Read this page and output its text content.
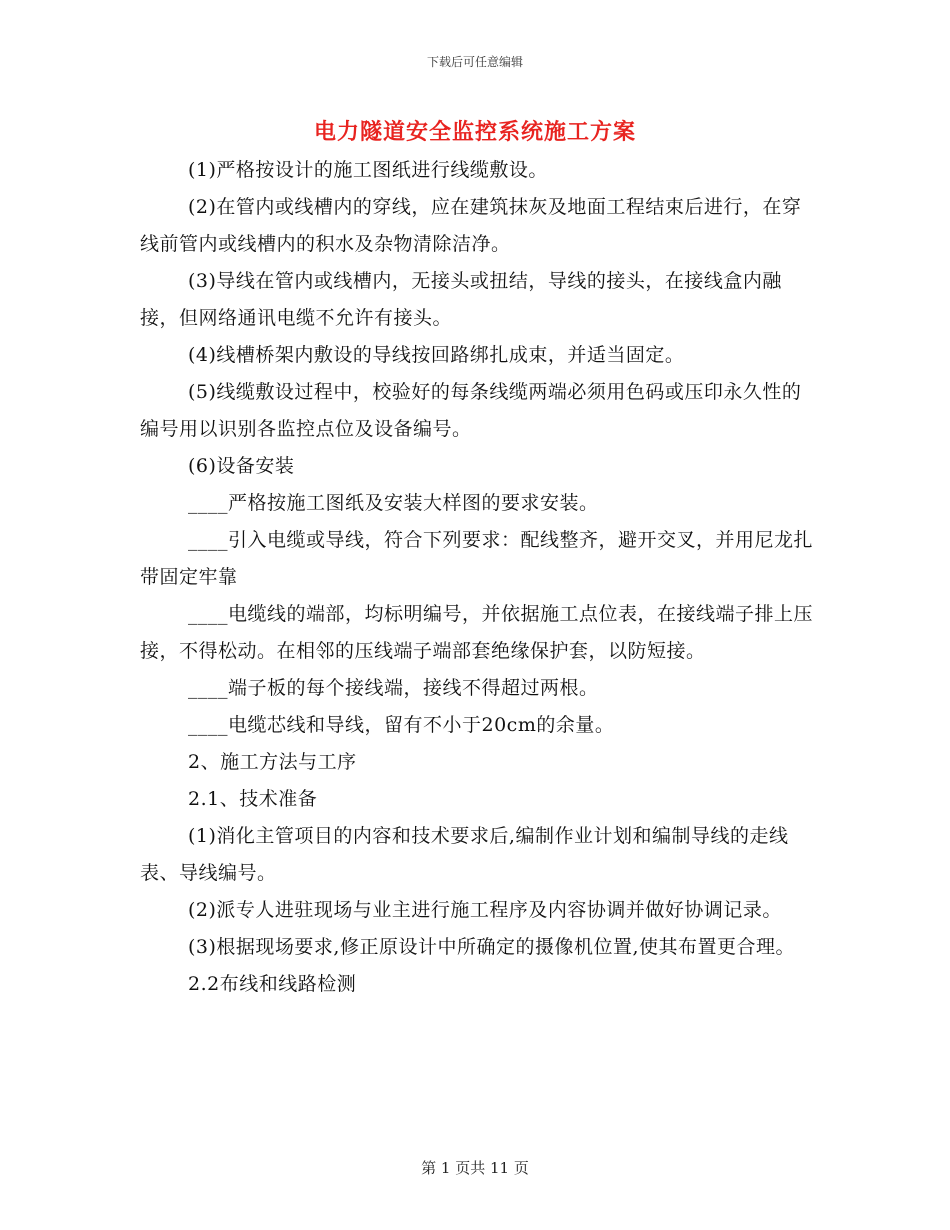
下载后可任意编辑
电力隧道安全监控系统施工方案

(1)严格按设计的施工图纸进行线缆敷设。

(2)在管内或线槽内的穿线，应在建筑抹灰及地面工程结束后进行，在穿线前管内或线槽内的积水及杂物清除洁净。

(3)导线在管内或线槽内，无接头或扭结，导线的接头，在接线盒内融接，但网络通讯电缆不允许有接头。

(4)线槽桥架内敷设的导线按回路绑扎成束，并适当固定。

(5)线缆敷设过程中，校验好的每条线缆两端必须用色码或压印永久性的编号用以识别各监控点位及设备编号。

(6)设备安装

____严格按施工图纸及安装大样图的要求安装。

____引入电缆或导线，符合下列要求：配线整齐，避开交叉，并用尼龙扎带固定牢靠

____电缆线的端部，均标明编号，并依据施工点位表，在接线端子排上压接，不得松动。在相邻的压线端子端部套绝缘保护套，以防短接。

____端子板的每个接线端，接线不得超过两根。

____电缆芯线和导线，留有不小于20cm的余量。

2、施工方法与工序

2.1、技术准备

(1)消化主管项目的内容和技术要求后,编制作业计划和编制导线的走线表、导线编号。

(2)派专人进驻现场与业主进行施工程序及内容协调并做好协调记录。

(3)根据现场要求,修正原设计中所确定的摄像机位置,使其布置更合理。

2.2布线和线路检测

第 1 页共 11 页
